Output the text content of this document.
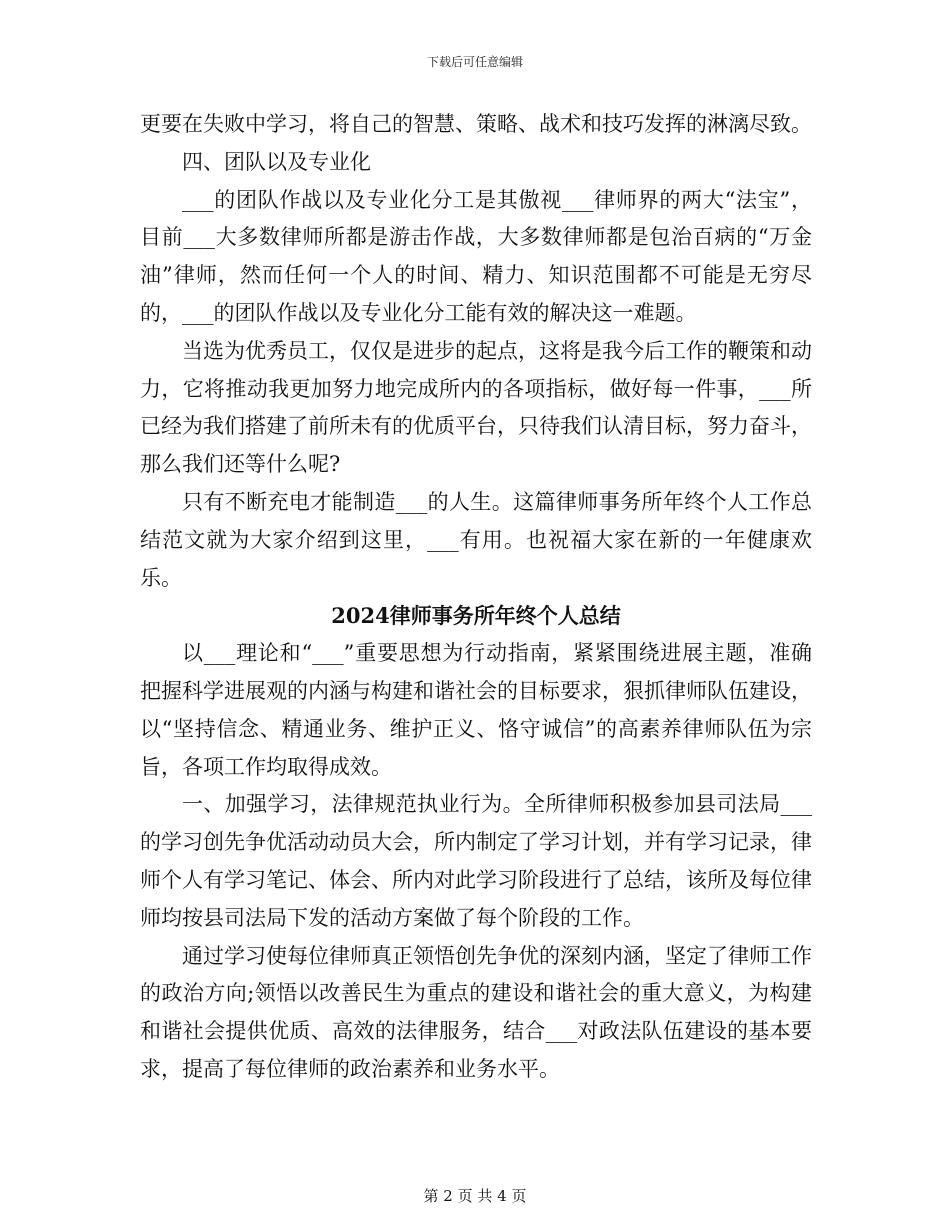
下载后可任意编辑

更要在失败中学习，将自己的智慧、策略、战术和技巧发挥的淋漓尽致。

四、团队以及专业化

___的团队作战以及专业化分工是其傲视___律师界的两大“法宝”，目前___大多数律师所都是游击作战，大多数律师都是包治百病的“万金油”律师，然而任何一个人的时间、精力、知识范围都不可能是无穷尽的，___的团队作战以及专业化分工能有效的解决这一难题。

当选为优秀员工，仅仅是进步的起点，这将是我今后工作的鞭策和动力，它将推动我更加努力地完成所内的各项指标，做好每一件事，___所已经为我们搭建了前所未有的优质平台，只待我们认清目标，努力奋斗，那么我们还等什么呢?

只有不断充电才能制造___的人生。这篇律师事务所年终个人工作总结范文就为大家介绍到这里，___有用。也祝福大家在新的一年健康欢乐。

2024律师事务所年终个人总结

以___理论和“___”重要思想为行动指南，紧紧围绕进展主题，准确把握科学进展观的内涵与构建和谐社会的目标要求，狠抓律师队伍建设，以“坚持信念、精通业务、维护正义、恪守诚信”的高素养律师队伍为宗旨，各项工作均取得成效。

一、加强学习，法律规范执业行为。全所律师积极参加县司法局___的学习创先争优活动动员大会，所内制定了学习计划，并有学习记录，律师个人有学习笔记、体会、所内对此学习阶段进行了总结，该所及每位律师均按县司法局下发的活动方案做了每个阶段的工作。

通过学习使每位律师真正领悟创先争优的深刻内涵，坚定了律师工作的政治方向;领悟以改善民生为重点的建设和谐社会的重大意义，为构建和谐社会提供优质、高效的法律服务，结合___对政法队伍建设的基本要求，提高了每位律师的政治素养和业务水平。

第 2 页 共 4 页
